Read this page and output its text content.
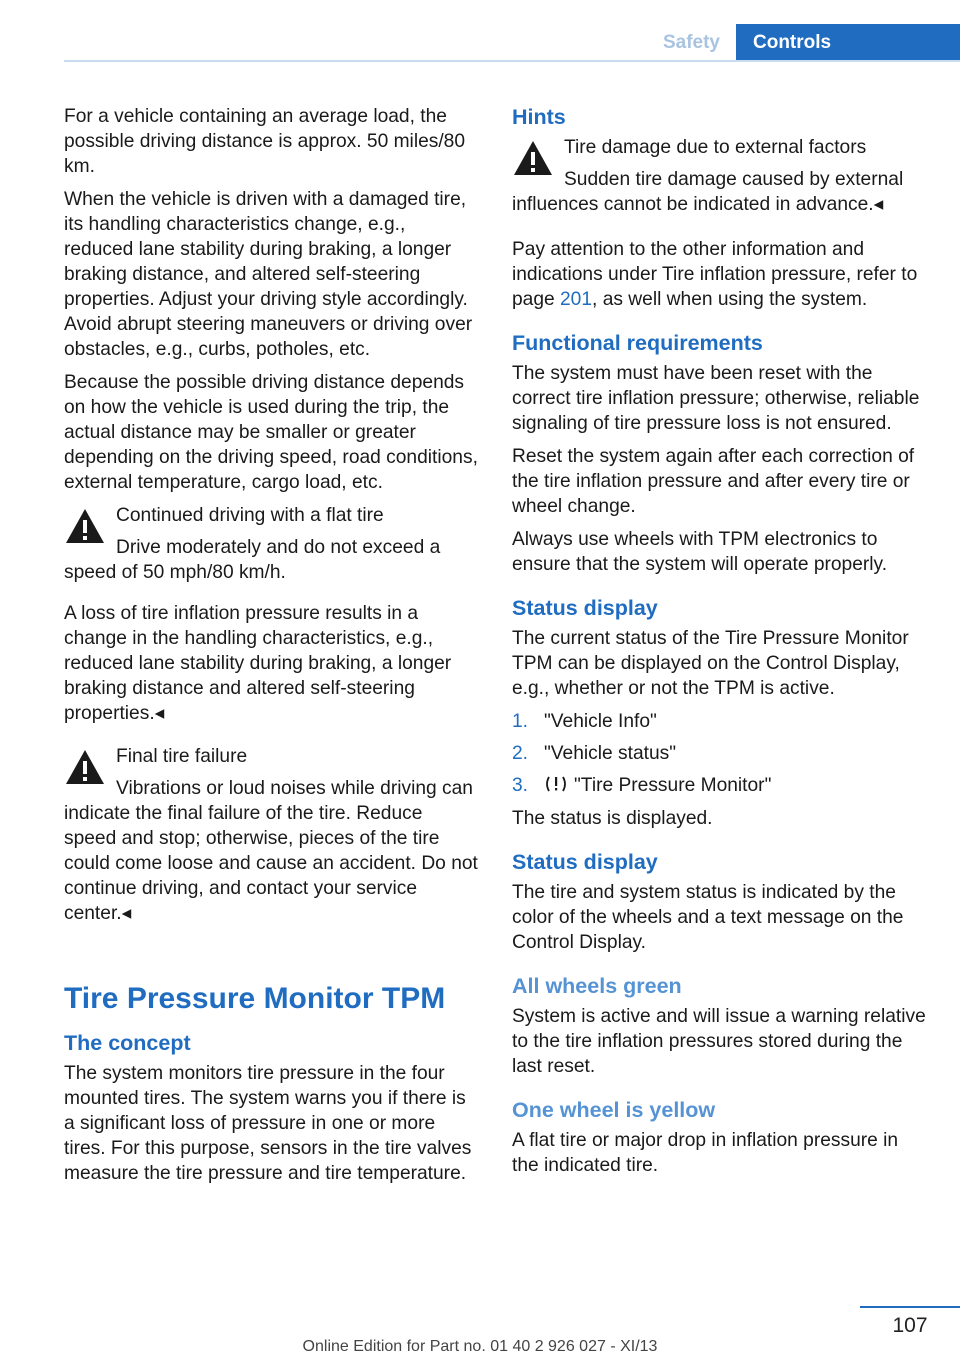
Safety	Controls

For a vehicle containing an average load, the possible driving distance is approx. 50 miles/80 km.

When the vehicle is driven with a damaged tire, its handling characteristics change, e.g., reduced lane stability during braking, a longer braking distance, and altered self-steering properties. Adjust your driving style accordingly. Avoid abrupt steering maneuvers or driving over obstacles, e.g., curbs, potholes, etc.

Because the possible driving distance depends on how the vehicle is used during the trip, the actual distance may be smaller or greater depending on the driving speed, road conditions, external temperature, cargo load, etc.

Continued driving with a flat tire

Drive moderately and do not exceed a speed of 50 mph/80 km/h.

A loss of tire inflation pressure results in a change in the handling characteristics, e.g., reduced lane stability during braking, a longer braking distance and altered self-steering properties.◂

Final tire failure

Vibrations or loud noises while driving can indicate the final failure of the tire. Reduce speed and stop; otherwise, pieces of the tire could come loose and cause an accident. Do not continue driving, and contact your service center.◂

Tire Pressure Monitor TPM
The concept

The system monitors tire pressure in the four mounted tires. The system warns you if there is a significant loss of pressure in one or more tires. For this purpose, sensors in the tire valves measure the tire pressure and tire temperature.

Hints

Tire damage due to external factors

Sudden tire damage caused by external influences cannot be indicated in advance.◂

Pay attention to the other information and indications under Tire inflation pressure, refer to page 201, as well when using the system.

Functional requirements

The system must have been reset with the correct tire inflation pressure; otherwise, reliable signaling of tire pressure loss is not ensured.

Reset the system again after each correction of the tire inflation pressure and after every tire or wheel change.

Always use wheels with TPM electronics to ensure that the system will operate properly.

Status display

The current status of the Tire Pressure Monitor TPM can be displayed on the Control Display, e.g., whether or not the TPM is active.

1. "Vehicle Info"
2. "Vehicle status"
3.	"Tire Pressure Monitor"

The status is displayed.

Status display

The tire and system status is indicated by the color of the wheels and a text message on the Control Display.

All wheels green

System is active and will issue a warning relative to the tire inflation pressures stored during the last reset.

One wheel is yellow

A flat tire or major drop in inflation pressure in the indicated tire.

107
Online Edition for Part no. 01 40 2 926 027 - XI/13
